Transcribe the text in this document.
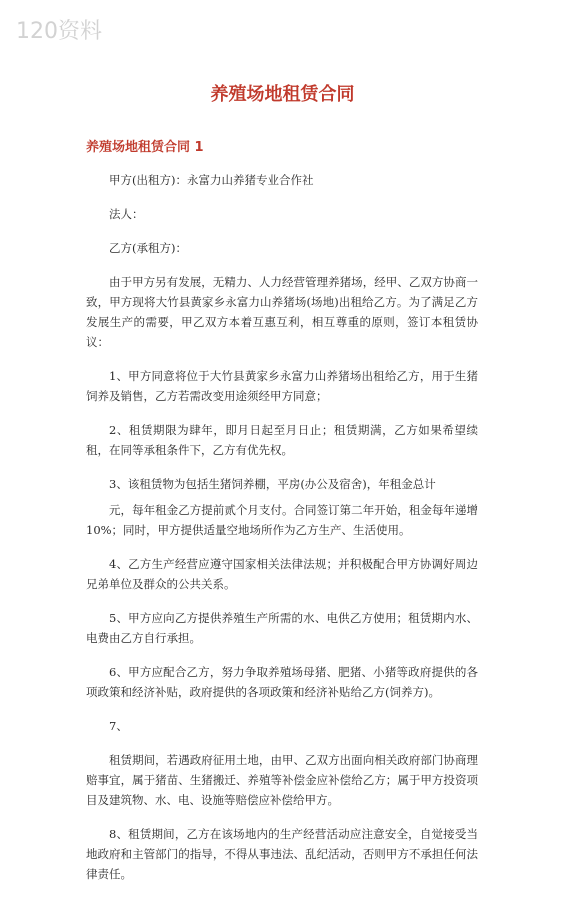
120资料
养殖场地租赁合同
养殖场地租赁合同 1

甲方(出租方)：永富力山养猪专业合作社

法人：

乙方(承租方)：

由于甲方另有发展，无精力、人力经营管理养猪场，经甲、乙双方协商一致，甲方现将大竹县黄家乡永富力山养猪场(场地)出租给乙方。为了满足乙方发展生产的需要，甲乙双方本着互惠互利，相互尊重的原则，签订本租赁协议：

1、甲方同意将位于大竹县黄家乡永富力山养猪场出租给乙方，用于生猪饲养及销售，乙方若需改变用途须经甲方同意；

2、租赁期限为肆年，即月日起至月日止；租赁期满，乙方如果希望续租，在同等承租条件下，乙方有优先权。

3、该租赁物为包括生猪饲养棚，平房(办公及宿舍)，年租金总计

元，每年租金乙方提前贰个月支付。合同签订第二年开始，租金每年递增10%；同时，甲方提供适量空地场所作为乙方生产、生活使用。

4、乙方生产经营应遵守国家相关法律法规；并积极配合甲方协调好周边兄弟单位及群众的公共关系。

5、甲方应向乙方提供养殖生产所需的水、电供乙方使用；租赁期内水、电费由乙方自行承担。

6、甲方应配合乙方，努力争取养殖场母猪、肥猪、小猪等政府提供的各项政策和经济补贴，政府提供的各项政策和经济补贴给乙方(饲养方)。

7、

租赁期间，若遇政府征用土地，由甲、乙双方出面向相关政府部门协商理赔事宜，属于猪苗、生猪搬迁、养殖等补偿金应补偿给乙方；属于甲方投资项目及建筑物、水、电、设施等赔偿应补偿给甲方。

8、租赁期间，乙方在该场地内的生产经营活动应注意安全，自觉接受当地政府和主管部门的指导，不得从事违法、乱纪活动，否则甲方不承担任何法律责任。
